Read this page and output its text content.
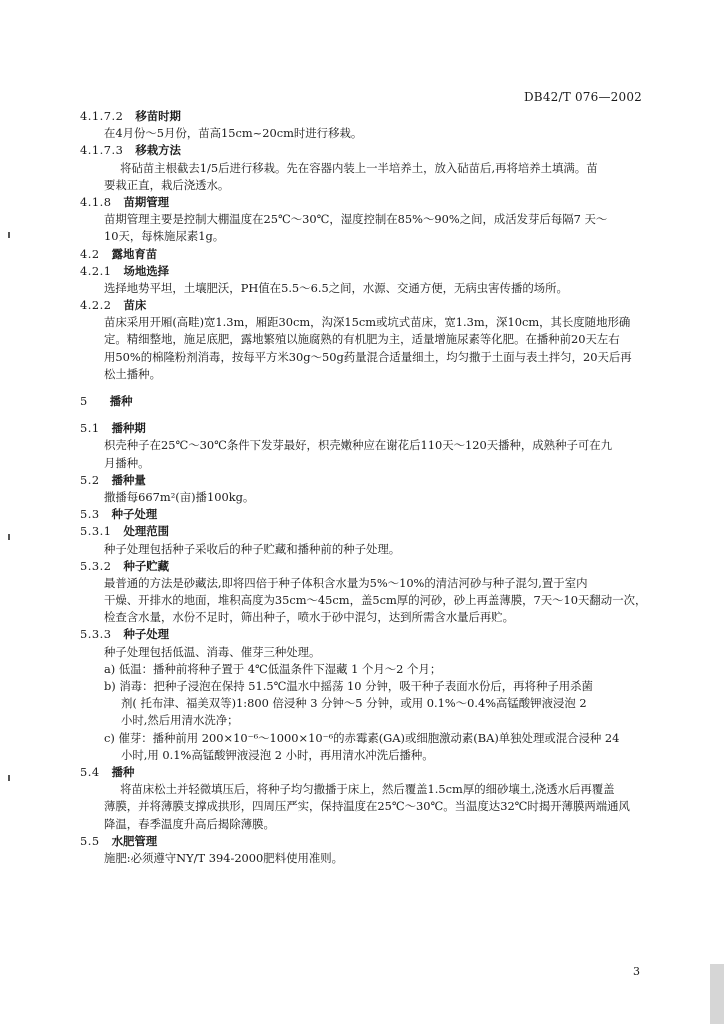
DB42/T 076—2002
4.1.7.2 移苗时期
在4月份～5月份，苗高15cm~20cm时进行移栽。
4.1.7.3 移栽方法
将砧苗主根截去1/5后进行移栽。先在容器内装上一半培养土，放入砧苗后,再将培养土填满。苗
要栽正直，栽后浇透水。
4.1.8 苗期管理
苗期管理主要是控制大棚温度在25℃～30℃，湿度控制在85%～90%之间，成活发芽后每隔7 天～
10天，每株施尿素1g。
4.2 露地育苗
4.2.1 场地选择
选择地势平坦，土壤肥沃，PH值在5.5～6.5之间，水源、交通方便，无病虫害传播的场所。
4.2.2 苗床
苗床采用开厢(高畦)宽1.3m，厢距30cm，沟深15cm或坑式苗床，宽1.3m，深10cm，其长度随地形确
定。精细整地，施足底肥，露地繁殖以施腐熟的有机肥为主，适量增施尿素等化肥。在播种前20天左右
用50%的棉隆粉剂消毒，按每平方米30g～50g药量混合适量细土，均匀撒于土面与表土拌匀，20天后再
松土播种。
5 播种
5.1 播种期
枳壳种子在25℃～30℃条件下发芽最好，枳壳嫩种应在谢花后110天～120天播种，成熟种子可在九
月播种。
5.2 播种量
撒播每667m²(亩)播100kg。
5.3 种子处理
5.3.1 处理范围
种子处理包括种子采收后的种子贮藏和播种前的种子处理。
5.3.2 种子贮藏
最普通的方法是砂藏法,即将四倍于种子体积含水量为5%～10%的清洁河砂与种子混匀,置于室内
干燥、开排水的地面，堆积高度为35cm～45cm，盖5cm厚的河砂，砂上再盖薄膜，7天～10天翻动一次，
检查含水量，水份不足时，筛出种子，喷水于砂中混匀，达到所需含水量后再贮。
5.3.3 种子处理
种子处理包括低温、消毒、催芽三种处理。
a) 低温：播种前将种子置于 4℃低温条件下湿藏 1 个月～2 个月；
b) 消毒：把种子浸泡在保持 51.5℃温水中摇荡 10 分钟，吸干种子表面水份后，再将种子用杀菌
剂( 托布津、福美双等)1:800 倍浸种 3 分钟～5 分钟，或用 0.1%～0.4%高锰酸钾液浸泡 2
小时,然后用清水洗净；
c) 催芽：播种前用 200×10⁻⁶～1000×10⁻⁶的赤霉素(GA)或细胞激动素(BA)单独处理或混合浸种 24
小时,用 0.1%高锰酸钾液浸泡 2 小时，再用清水冲洗后播种。
5.4 播种
将苗床松土并轻微填压后，将种子均匀撒播于床上，然后覆盖1.5cm厚的细砂壤土,浇透水后再覆盖
薄膜，并将薄膜支撑成拱形，四周压严实，保持温度在25℃～30℃。当温度达32℃时揭开薄膜两端通风
降温，春季温度升高后揭除薄膜。
5.5 水肥管理
施肥:必须遵守NY/T 394-2000肥料使用准则。
3
